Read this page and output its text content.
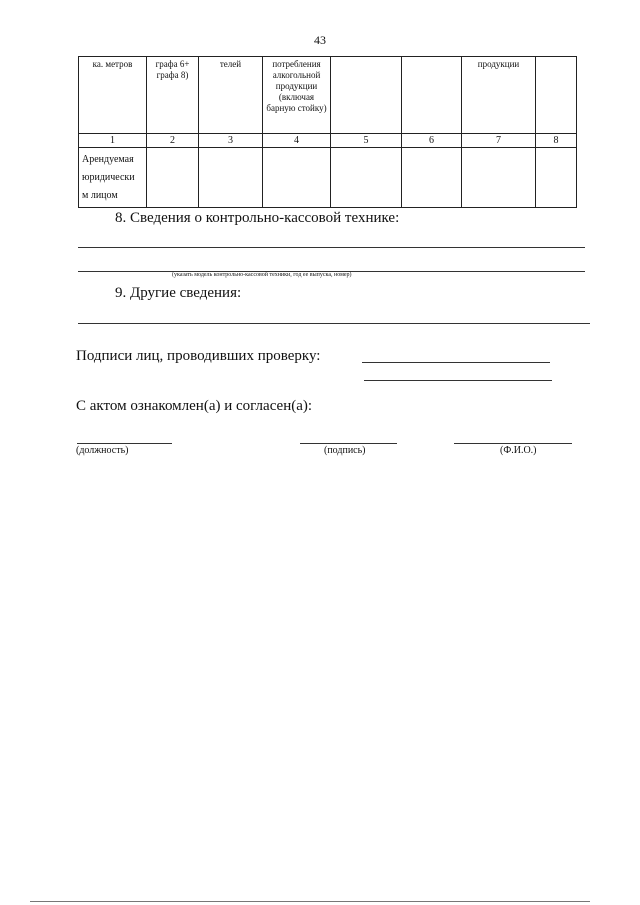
43
ка. метров	графа 6+ графа 8)	телей	потребления алкогольной продукции (включая барную стойку)			продукции	
1	2	3	4	5	6	7	8

Арендуемая
юридически
м лицом							

8. Сведения о контрольно-кассовой технике:
(указать модель контрольно-кассовой техники, год ее выпуска, номер)
9. Другие сведения:
Подписи лиц, проводивших проверку:
С актом ознакомлен(а) и согласен(а):
(должность)	(подпись)	(Ф.И.О.)
